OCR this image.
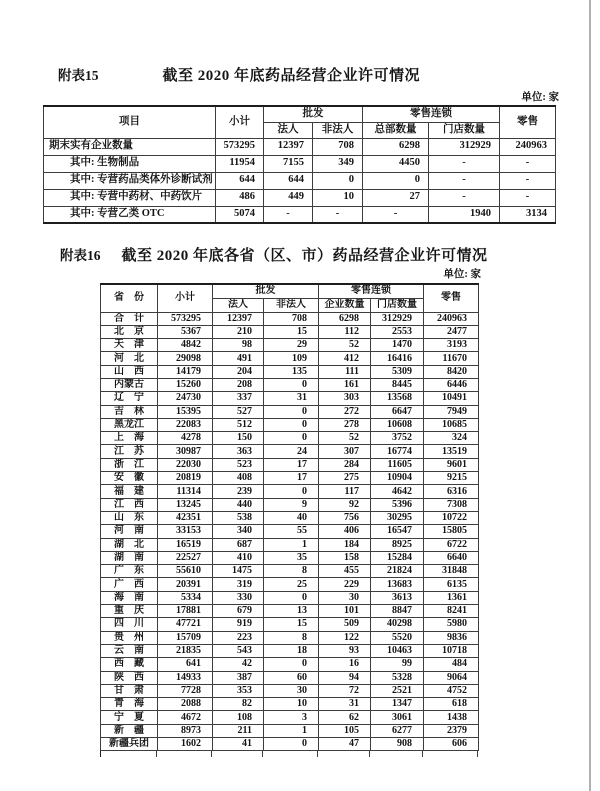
附表15	截至 2020 年底药品经营企业许可情况
单位: 家
项目	小计	批发		零售连锁		零售
		法人	非法人	总部数量	门店数量	
期末实有企业数量	573295	12397	708	6298	312929	240963
　　其中: 生物制品	11954	7155	349	4450	-	-
　　其中: 专营药品类体外诊断试剂	644	644	0	0	-	-
　　其中: 专营中药材、中药饮片	486	449	10	27	-	-
　　其中: 专营乙类 OTC	5074	-	-	-	1940	3134
附表16 截至 2020 年底各省（区、市）药品经营企业许可情况
单位: 家
省　份	小计	批发		零售连锁		零售
		法人	非法人	企业数量	门店数量	
合　计	573295	12397	708	6298	312929	240963
北　京	5367	210	15	112	2553	2477
天　津	4842	98	29	52	1470	3193
河　北	29098	491	109	412	16416	11670
山　西	14179	204	135	111	5309	8420
内蒙古	15260	208	0	161	8445	6446
辽　宁	24730	337	31	303	13568	10491
吉　林	15395	527	0	272	6647	7949
黑龙江	22083	512	0	278	10608	10685
上　海	4278	150	0	52	3752	324
江　苏	30987	363	24	307	16774	13519
浙　江	22030	523	17	284	11605	9601
安　徽	20819	408	17	275	10904	9215
福　建	11314	239	0	117	4642	6316
江　西	13245	440	9	92	5396	7308
山　东	42351	538	40	756	30295	10722
河　南	33153	340	55	406	16547	15805
湖　北	16519	687	1	184	8925	6722
湖　南	22527	410	35	158	15284	6640
广　东	55610	1475	8	455	21824	31848
广　西	20391	319	25	229	13683	6135
海　南	5334	330	0	30	3613	1361
重　庆	17881	679	13	101	8847	8241
四　川	47721	919	15	509	40298	5980
贵　州	15709	223	8	122	5520	9836
云　南	21835	543	18	93	10463	10718
西　藏	641	42	0	16	99	484
陕　西	14933	387	60	94	5328	9064
甘　肃	7728	353	30	72	2521	4752
青　海	2088	82	10	31	1347	618
宁　夏	4672	108	3	62	3061	1438
新　疆	8973	211	1	105	6277	2379
新疆兵团	1602	41	0	47	908	606
